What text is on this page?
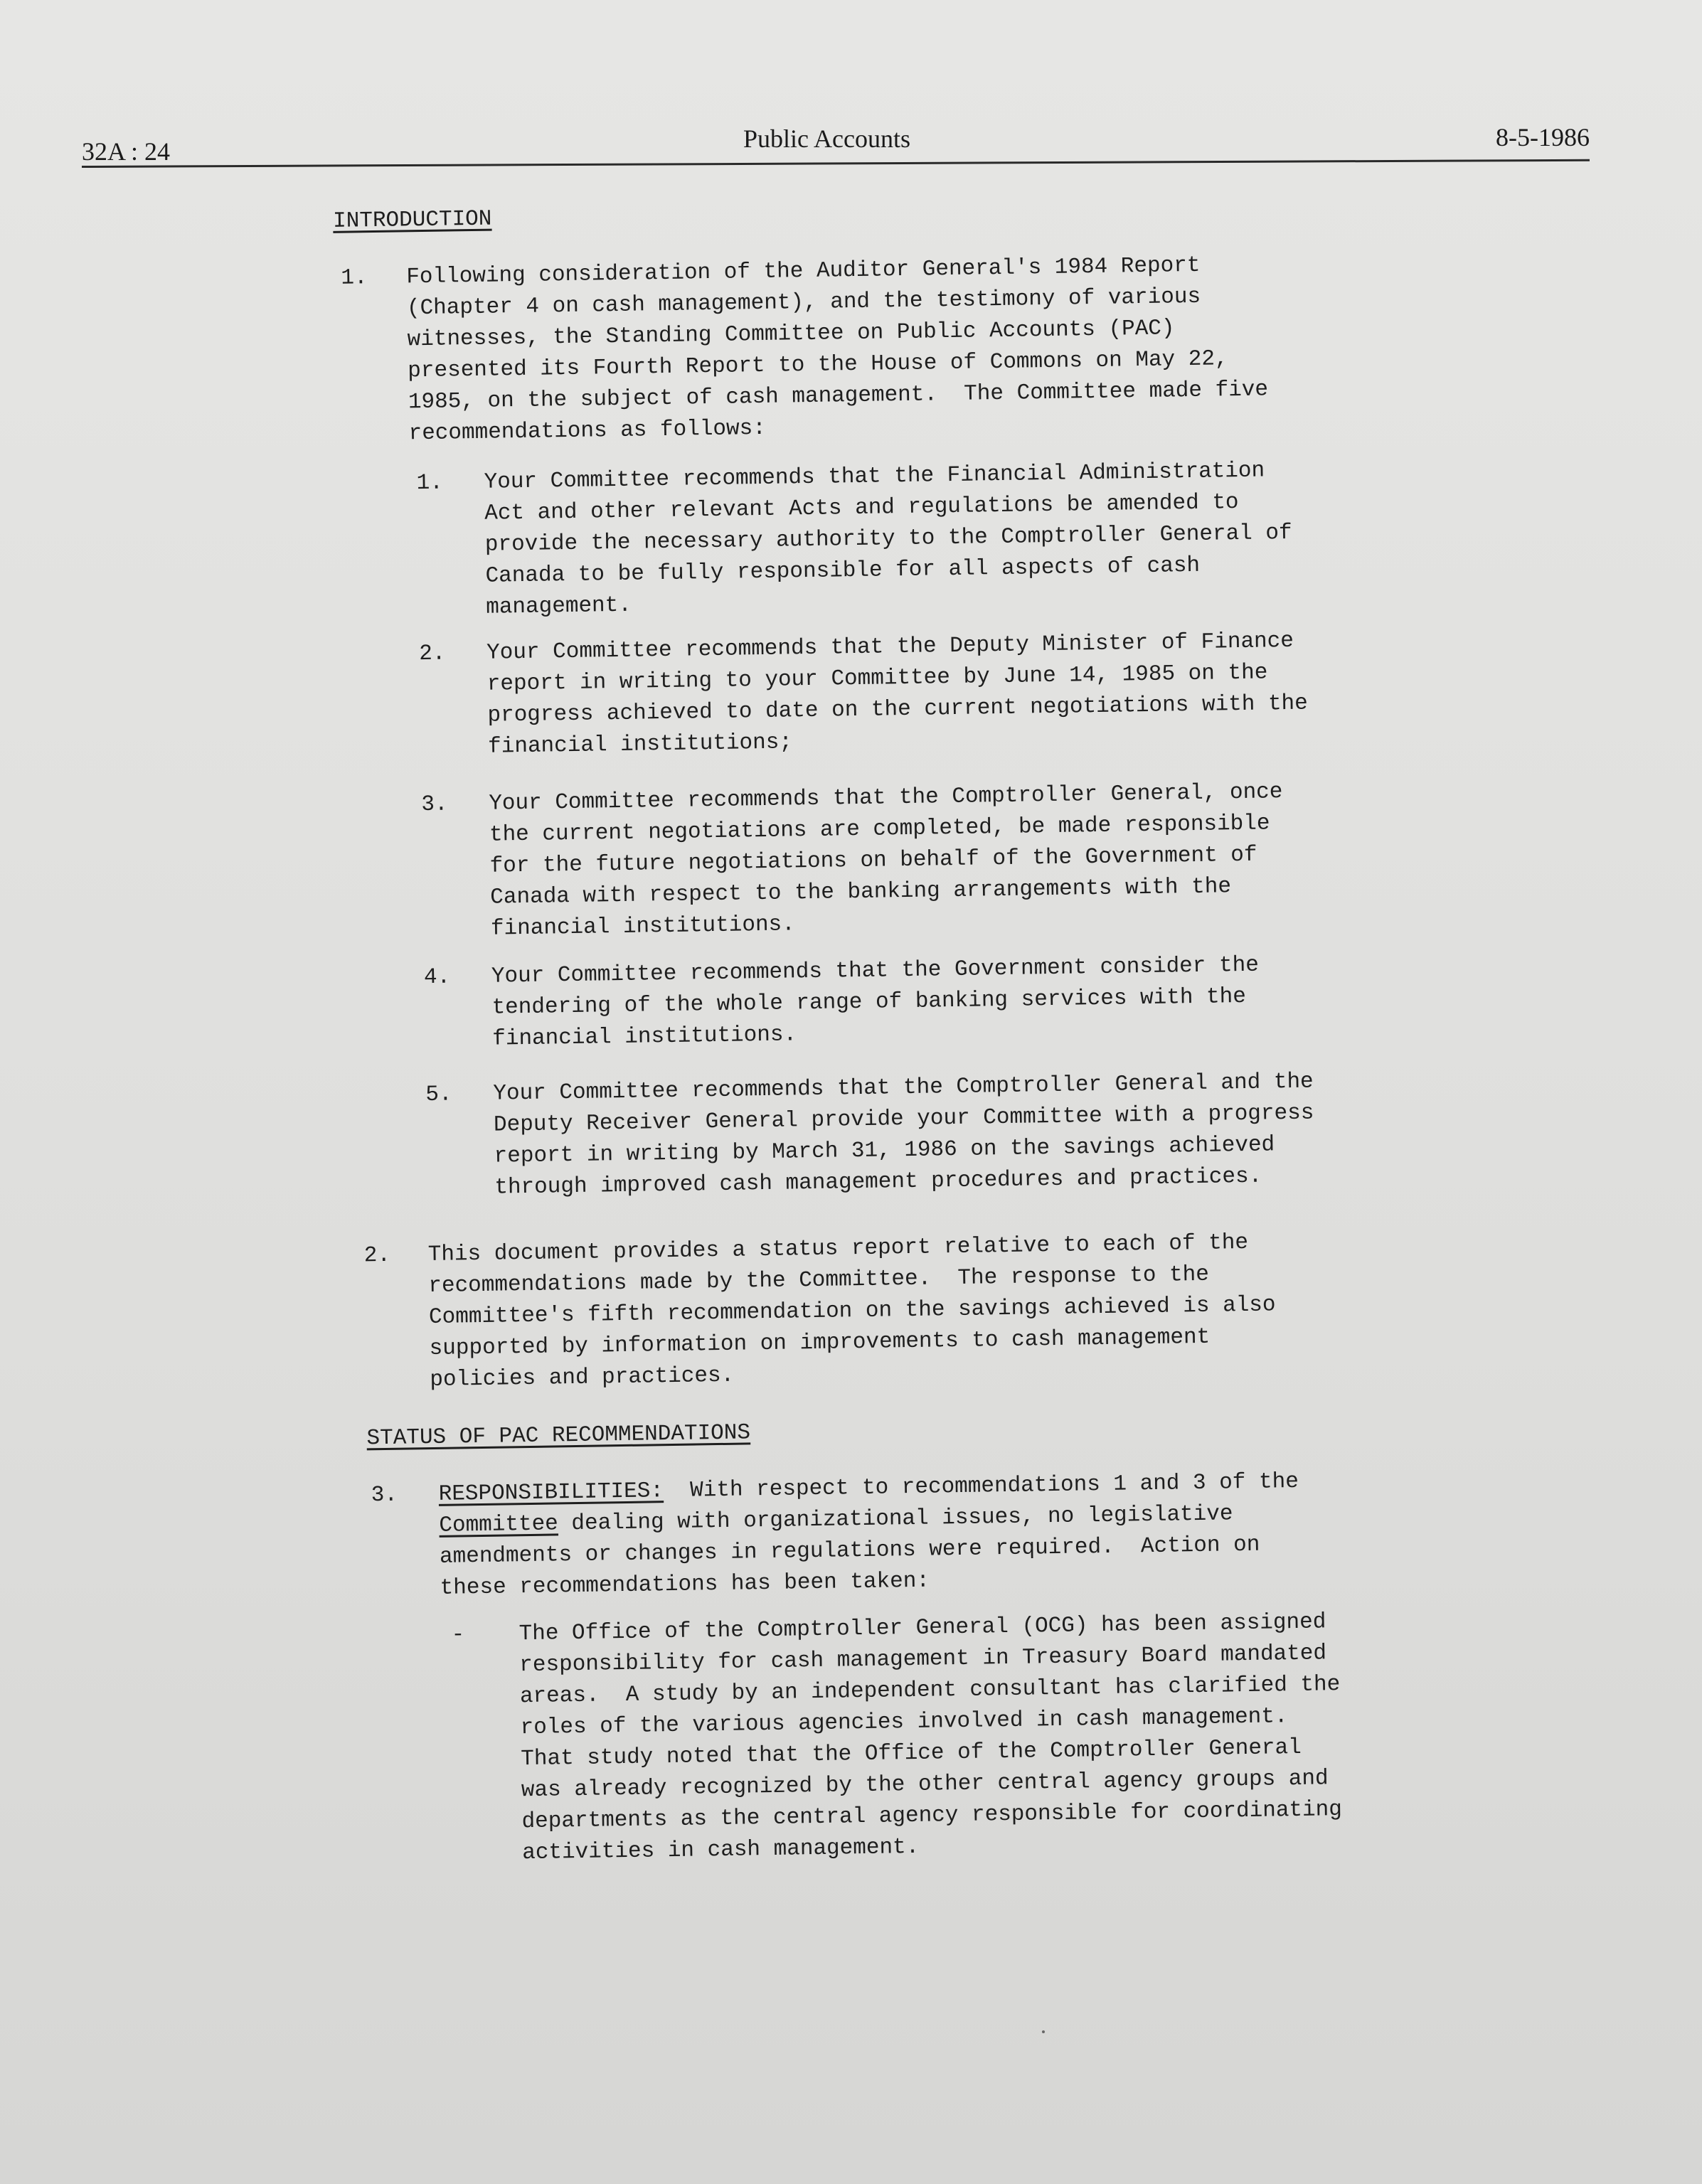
32A : 24	Public Accounts	8-5-1986
INTRODUCTION
1. Following consideration of the Auditor General's 1984 Report
(Chapter 4 on cash management), and the testimony of various
witnesses, the Standing Committee on Public Accounts (PAC)
presented its Fourth Report to the House of Commons on May 22,
1985, on the subject of cash management.  The Committee made five
recommendations as follows:
1. Your Committee recommends that the Financial Administration
Act and other relevant Acts and regulations be amended to
provide the necessary authority to the Comptroller General of
Canada to be fully responsible for all aspects of cash
management.
2. Your Committee recommends that the Deputy Minister of Finance
report in writing to your Committee by June 14, 1985 on the
progress achieved to date on the current negotiations with the
financial institutions;
3. Your Committee recommends that the Comptroller General, once
the current negotiations are completed, be made responsible
for the future negotiations on behalf of the Government of
Canada with respect to the banking arrangements with the
financial institutions.
4. Your Committee recommends that the Government consider the
tendering of the whole range of banking services with the
financial institutions.
5. Your Committee recommends that the Comptroller General and the
Deputy Receiver General provide your Committee with a progress
report in writing by March 31, 1986 on the savings achieved
through improved cash management procedures and practices.
2. This document provides a status report relative to each of the
recommendations made by the Committee.  The response to the
Committee's fifth recommendation on the savings achieved is also
supported by information on improvements to cash management
policies and practices.
STATUS OF PAC RECOMMENDATIONS
3. RESPONSIBILITIES:  With respect to recommendations 1 and 3 of the
Committee dealing with organizational issues, no legislative
amendments or changes in regulations were required.  Action on
these recommendations has been taken:
- The Office of the Comptroller General (OCG) has been assigned
responsibility for cash management in Treasury Board mandated
areas.  A study by an independent consultant has clarified the
roles of the various agencies involved in cash management.
That study noted that the Office of the Comptroller General
was already recognized by the other central agency groups and
departments as the central agency responsible for coordinating
activities in cash management.
